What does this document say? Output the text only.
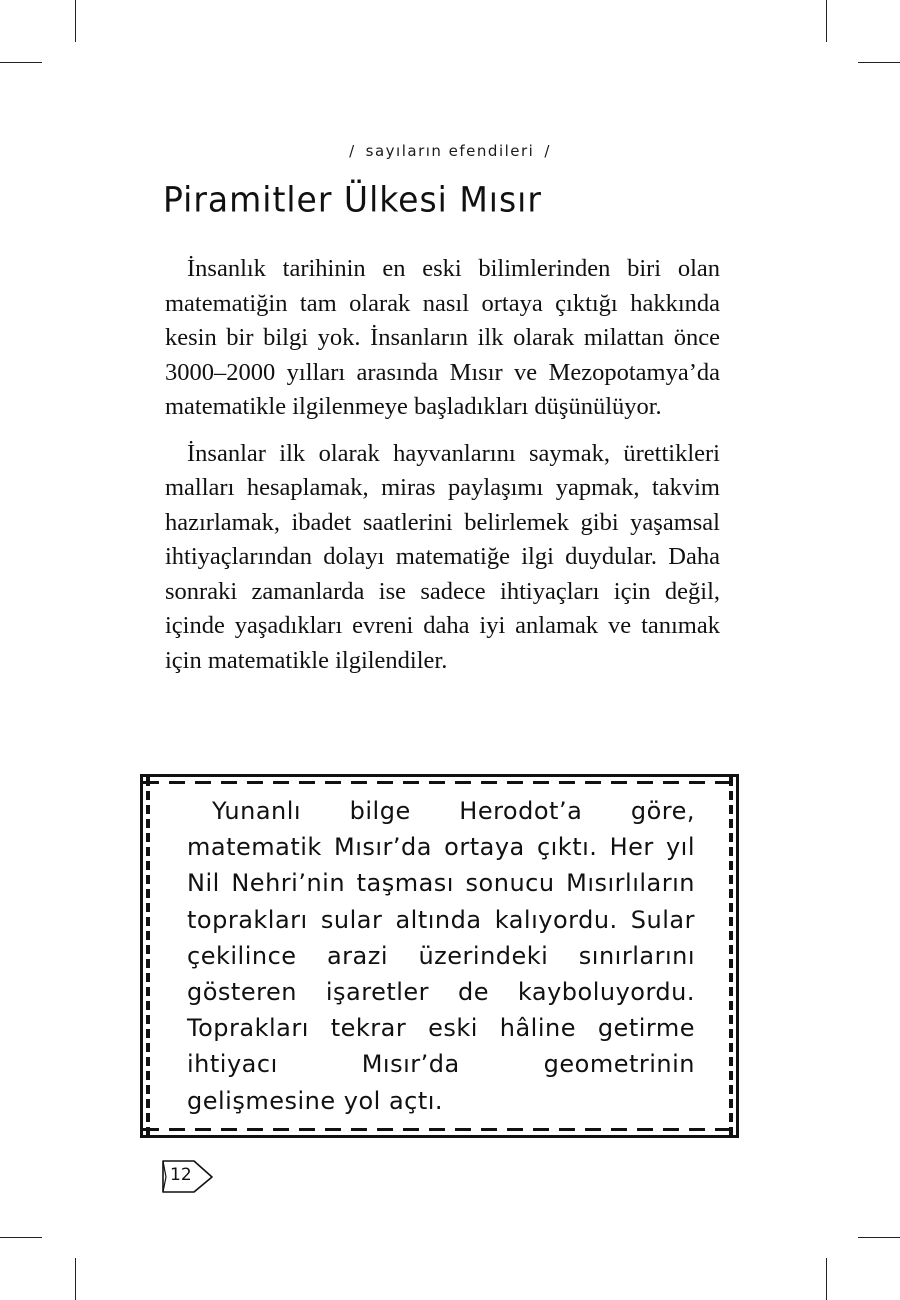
/ sayıların efendileri /
Piramitler Ülkesi Mısır

İnsanlık tarihinin en eski bilimlerinden biri olan matematiğin tam olarak nasıl ortaya çıktığı hakkında kesin bir bilgi yok. İnsanların ilk olarak milattan önce 3000–2000 yılları arasında Mısır ve Mezopotamya’da matematikle ilgilenmeye başladıkları düşünülüyor.

İnsanlar ilk olarak hayvanlarını saymak, ürettikleri malları hesaplamak, miras paylaşımı yapmak, takvim hazırlamak, ibadet saatlerini belirlemek gibi yaşamsal ihtiyaçlarından dolayı matematiğe ilgi duydular. Daha sonraki zamanlarda ise sadece ihtiyaçları için değil, içinde yaşadıkları evreni daha iyi anlamak ve tanımak için matematikle ilgilendiler.

Yunanlı bilge Herodot’a göre, matematik Mısır’da ortaya çıktı. Her yıl Nil Nehri’nin taşması sonucu Mısırlıların toprakları sular altında kalıyordu. Sular çekilince arazi üzerindeki sınırlarını gösteren işaretler de kayboluyordu. Toprakları tekrar eski hâline getirme ihtiyacı Mısır’da geometrinin gelişmesine yol açtı.

12
